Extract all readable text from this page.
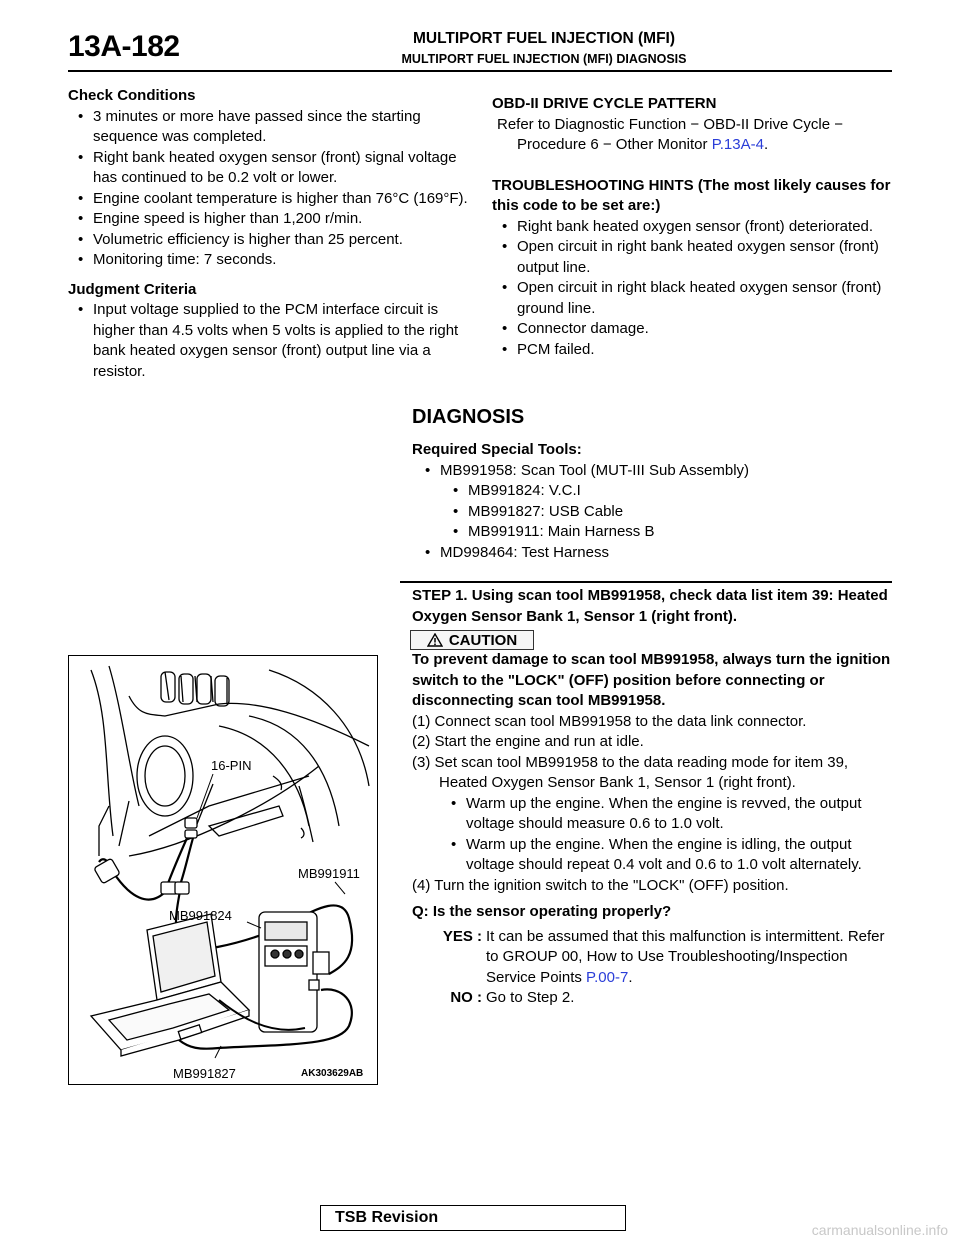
13A-182	MULTIPORT FUEL INJECTION (MFI)
MULTIPORT FUEL INJECTION (MFI) DIAGNOSIS

Check Conditions

• 3 minutes or more have passed since the starting sequence was completed.
• Right bank heated oxygen sensor (front) signal voltage has continued to be 0.2 volt or lower.
• Engine coolant temperature is higher than 76°C (169°F).
• Engine speed is higher than 1,200 r/min.
• Volumetric efficiency is higher than 25 percent.
• Monitoring time: 7 seconds.

Judgment Criteria

• Input voltage supplied to the PCM interface circuit is higher than 4.5 volts when 5 volts is applied to the right bank heated oxygen sensor (front) output line via a resistor.

OBD-II DRIVE CYCLE PATTERN

Refer to Diagnostic Function − OBD-II Drive Cycle − Procedure 6 − Other Monitor P.13A-4.

TROUBLESHOOTING HINTS (The most likely causes for this code to be set are:)

• Right bank heated oxygen sensor (front) deteriorated.
• Open circuit in right bank heated oxygen sensor (front) output line.
• Open circuit in right black heated oxygen sensor (front) ground line.
• Connector damage.
• PCM failed.
DIAGNOSIS

Required Special Tools:

• MB991958: Scan Tool (MUT-III Sub Assembly)
• MB991824: V.C.I
• MB991827: USB Cable
• MB991911: Main Harness B
• MD998464: Test Harness
STEP 1. Using scan tool MB991958, check data list item 39: Heated Oxygen Sensor Bank 1, Sensor 1 (right front).
CAUTION

To prevent damage to scan tool MB991958, always turn the ignition switch to the "LOCK" (OFF) position before connecting or disconnecting scan tool MB991958.

(1) Connect scan tool MB991958 to the data link connector.

(2) Start the engine and run at idle.

(3) Set scan tool MB991958 to the data reading mode for item 39, Heated Oxygen Sensor Bank 1, Sensor 1 (right front).

• Warm up the engine. When the engine is revved, the output voltage should measure 0.6 to 1.0 volt.
• Warm up the engine. When the engine is idling, the output voltage should repeat 0.4 volt and 0.6 to 1.0 volt alternately.

(4) Turn the ignition switch to the "LOCK" (OFF) position.

Q: Is the sensor operating properly?

YES : It can be assumed that this malfunction is intermittent. Refer to GROUP 00, How to Use Troubleshooting/Inspection Service Points P.00-7.
NO : Go to Step 2.
16-PIN
MB991911
MB991824
MB991827	AK303629AB
TSB Revision
carmanualsonline.info
